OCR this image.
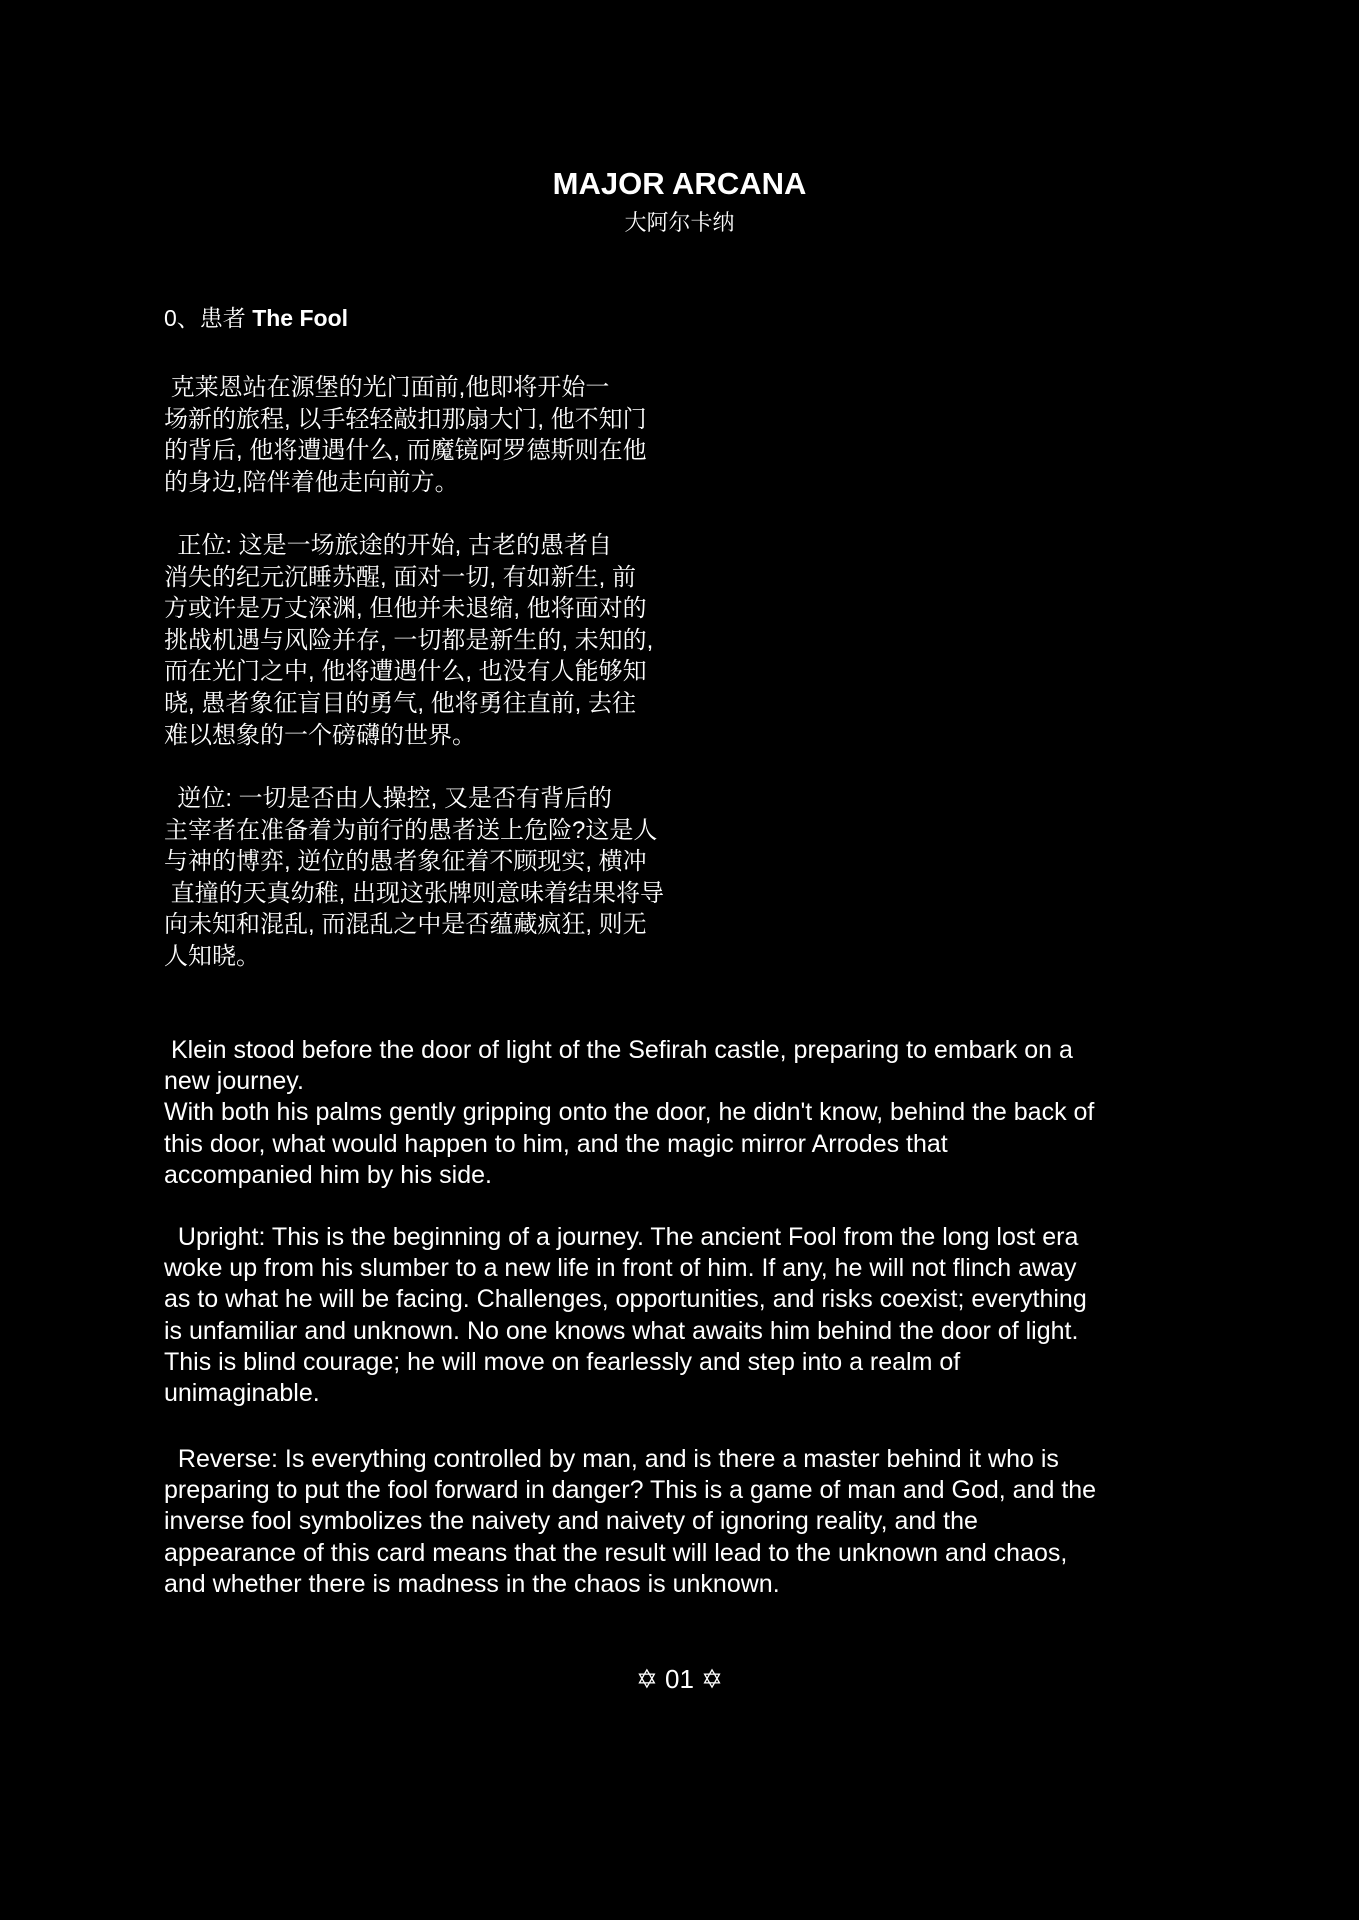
MAJOR ARCANA
大阿尔卡纳
0、患者 The Fool

克莱恩站在源堡的光门面前,他即将开始一
场新的旅程, 以手轻轻敲扣那扇大门, 他不知门
的背后, 他将遭遇什么, 而魔镜阿罗德斯则在他
的身边,陪伴着他走向前方。

正位: 这是一场旅途的开始, 古老的愚者自
消失的纪元沉睡苏醒, 面对一切, 有如新生, 前
方或许是万丈深渊, 但他并未退缩, 他将面对的
挑战机遇与风险并存, 一切都是新生的, 未知的,
而在光门之中, 他将遭遇什么, 也没有人能够知
晓, 愚者象征盲目的勇气, 他将勇往直前, 去往
难以想象的一个磅礴的世界。

逆位: 一切是否由人操控, 又是否有背后的
主宰者在准备着为前行的愚者送上危险?这是人
与神的博弈, 逆位的愚者象征着不顾现实, 横冲
直撞的天真幼稚, 出现这张牌则意味着结果将导
向未知和混乱, 而混乱之中是否蕴藏疯狂, 则无
人知晓。

Klein stood before the door of light of the Sefirah castle, preparing to embark on a
new journey.
With both his palms gently gripping onto the door, he didn't know, behind the back of
this door, what would happen to him, and the magic mirror Arrodes that
accompanied him by his side.

Upright: This is the beginning of a journey. The ancient Fool from the long lost era
woke up from his slumber to a new life in front of him. If any, he will not flinch away
as to what he will be facing. Challenges, opportunities, and risks coexist; everything
is unfamiliar and unknown. No one knows what awaits him behind the door of light.
This is blind courage; he will move on fearlessly and step into a realm of
unimaginable.

Reverse: Is everything controlled by man, and is there a master behind it who is
preparing to put the fool forward in danger? This is a game of man and God, and the
inverse fool symbolizes the naivety and naivety of ignoring reality, and the
appearance of this card means that the result will lead to the unknown and chaos,
and whether there is madness in the chaos is unknown.

✡ 01 ✡
